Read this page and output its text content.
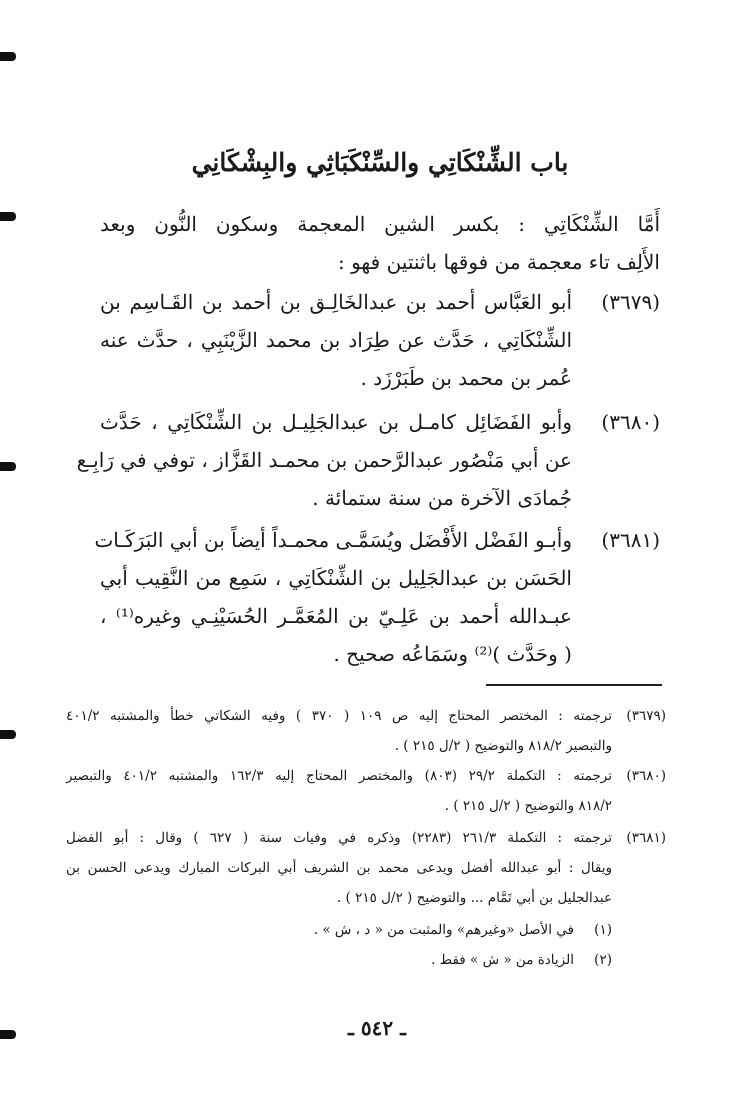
باب الشِّنْكَاتِي والسِّنْكَبَاثِي والبِشْكَانِي
أَمَّا الشِّنْكَاتِي : بكسر الشين المعجمة وسكون النُّون وبعد
الأَلِف تاء معجمة من فوقها باثنتين فهو :
(٣٦٧٩)
أبو العَبَّاس أحمد بن عبدالخَالِـق بن أحمد بن القَـاسِم بن
الشِّنْكَاتِي ، حَدَّث عن طِرَاد بن محمد الزَّيْنَبِي ، حدَّث عنه
عُمر بن محمد بن طَبَرْزَد .
(٣٦٨٠)
وأبو الفَضَائِل كامـل بن عبدالجَلِيـل بن الشِّنْكَاتِي ، حَدَّث
عن أبي مَنْصُور عبدالرَّحمن بن محمـد القَزَّاز ، توفي في رَابِـع
جُمادَى الآخرة من سنة ستمائة .
(٣٦٨١)
وأبـو الفَضْل الأَفْضَل ويُسَمَّـى محمـداً أيضاً بن أبي البَرَكَـات
الحَسَن بن عبدالجَلِيل بن الشِّنْكَاتِي ، سَمِع من النَّقِيب أبي
عبـدالله أحمد بن عَلِـيّ بن المُعَمَّـر الحُسَيْنِـي وغيره⁽¹⁾ ،
( وحَدَّث )⁽²⁾ وسَمَاعُه صحيح .
(٣٦٧٩)
ترجمته : المختصر المحتاج إليه ص ١٠٩ ( ٣٧٠ ) وفيه الشكاتي خطأ والمشتبه ٤٠١/٢
والتبصير ٨١٨/٢ والتوضيح ( ٢/ل ٢١٥ ) .
(٣٦٨٠)
ترجمته : التكملة ٢٩/٢ (٨٠٣) والمختصر المحتاج إليه ١٦٢/٣ والمشتبه ٤٠١/٢ والتبصير
٨١٨/٢ والتوضيح ( ٢/ل ٢١٥ ) .
(٣٦٨١)
ترجمته : التكملة ٢٦١/٣ (٢٢٨٣) وذكره في وفيات سنة ( ٦٢٧ ) وقال : أبو الفضل
ويقال : أبو عبدالله أفضل ويدعى محمد بن الشريف أبي البركات المبارك ويدعى الحسن بن
عبدالجليل بن أبي تَمَّام ... والتوضيح ( ٢/ل ٢١٥ ) .
(١)
في الأصل «وغيرهم» والمثبت من « د ، ش » .
(٢)
الزيادة من « ش » فقط .
ـ ٥٤٢ ـ
